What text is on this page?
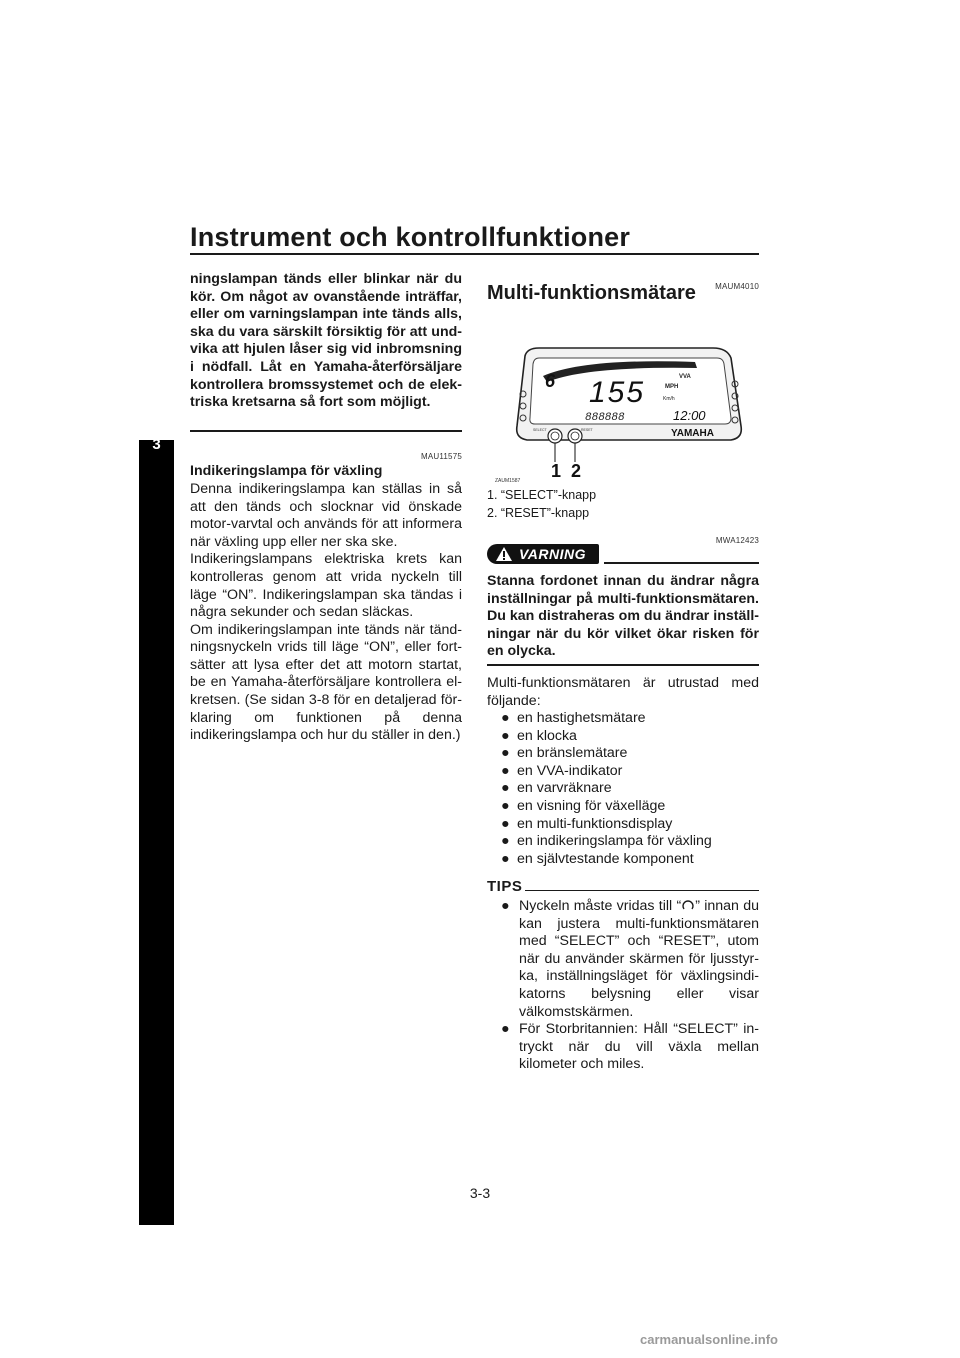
Instrument och kontrollfunktioner
3
ningslampan tänds eller blinkar när du kör. Om något av ovanstående inträffar, eller om varningslampan inte tänds alls, ska du vara särskilt försiktig för att und-vika att hjulen låser sig vid inbromsning i nödfall. Låt en Yamaha-återförsäljare kontrollera bromssystemet och de elek-triska kretsarna så fort som möjligt.
MAU11575
Indikeringslampa för växling
Denna indikeringslampa kan ställas in så att den tänds och slocknar vid önskade motor-varvtal och används för att informera när växling upp eller ner ska ske.
Indikeringslampans elektriska krets kan kontrolleras genom att vrida nyckeln till läge “ON”. Indikeringslampan ska tändas i några sekunder och sedan släckas.
Om indikeringslampan inte tänds när tänd-ningsnyckeln vrids till läge “ON”, eller fort-sätter att lysa efter det att motorn startat, be en Yamaha-återförsäljare kontrollera el-kretsen. (Se sidan 3-8 för en detaljerad för-klaring om funktionen på denna indikeringslampa och hur du ställer in den.)
MAUM4010
Multi-funktionsmätare
6 155	MPH
VVA
Km/h
888888	12:00
YAMAHA
SELECT	RESET
1 2
ZAUM1587
1. “SELECT”-knapp
2. “RESET”-knapp
MWA12423
VARNING
Stanna fordonet innan du ändrar några inställningar på multi-funktionsmätaren. Du kan distraheras om du ändrar inställ-ningar när du kör vilket ökar risken för en olycka.
Multi-funktionsmätaren är utrustad med följande:
● en hastighetsmätare
● en klocka
● en bränslemätare
● en VVA-indikator
● en varvräknare
● en visning för växelläge
● en multi-funktionsdisplay
● en indikeringslampa för växling
● en självtestande komponent
TIPS
● Nyckeln måste vridas till “ ” innan du kan justera multi-funktionsmätaren med “SELECT” och “RESET”, utom när du använder skärmen för ljusstyr-ka, inställningsläget för växlingsindi-katorns belysning eller visar välkomstskärmen.
● För Storbritannien: Håll “SELECT” in-tryckt när du vill växla mellan kilometer och miles.
3-3
carmanualsonline.info
